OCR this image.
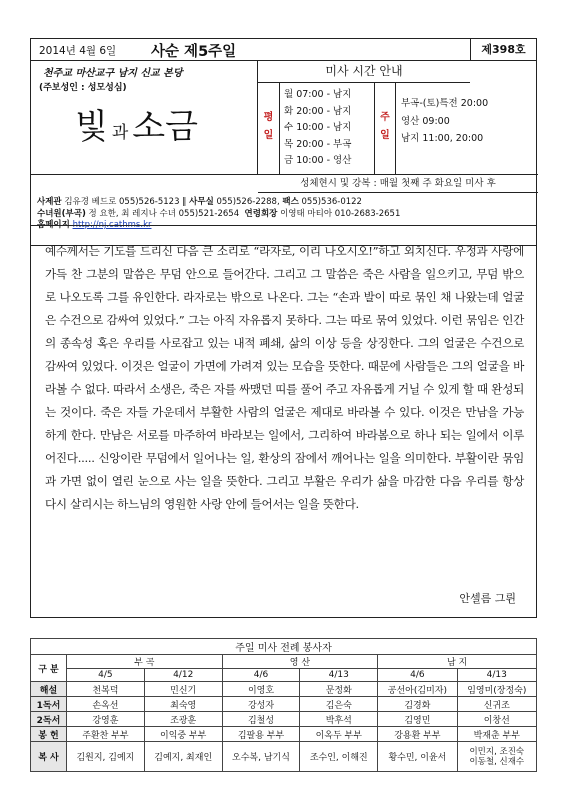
2014년 4월 6일 사순 제5주일	제398호
천주교 마산교구 남지 신교 본당
(주보성인 : 성모성심)
빛과 소금
미사 시간 안내
평
일
월 07:00 - 남지
화 20:00 - 남지
수 10:00 - 남지
목 20:00 - 부곡
금 10:00 - 영산
주
일
부곡-(토)특전 20:00
영산 09:00
남지 11:00, 20:00
성체현시 및 강복 : 매월 첫째 주 화요일 미사 후
사제관 김유경 베드로 055)526-5123 ‖ 사무실 055)526-2288, 팩스 055)536-0122
수녀원(부곡) 정 요한, 최 레지나 수녀 055)521-2654 연령회장 이영태 마티아 010-2683-2651
홈페이지 http://nj.cathms.kr

예수께서는 기도를 드리신 다음 큰 소리로 “라자로, 이리 나오시오!”하고 외치신다. 우정과 사랑에 가득 찬 그분의 말씀은 무덤 안으로 들어간다. 그리고 그 말씀은 죽은 사람을 일으키고, 무덤 밖으로 나오도록 그를 유인한다. 라자로는 밖으로 나온다. 그는 “손과 발이 따로 묶인 채 나왔는데 얼굴은 수건으로 감싸여 있었다.” 그는 아직 자유롭지 못하다. 그는 따로 묶여 있었다. 이런 묶임은 인간의 종속성 혹은 우리를 사로잡고 있는 내적 폐쇄, 삶의 이상 등을 상징한다. 그의 얼굴은 수건으로 감싸여 있었다. 이것은 얼굴이 가면에 가려져 있는 모습을 뜻한다. 때문에 사람들은 그의 얼굴을 바라볼 수 없다. 따라서 소생은, 죽은 자를 싸맸던 띠를 풀어 주고 자유롭게 거닐 수 있게 할 때 완성되는 것이다. 죽은 자들 가운데서 부활한 사람의 얼굴은 제대로 바라볼 수 있다. 이것은 만남을 가능하게 한다. 만남은 서로를 마주하여 바라보는 일에서, 그리하여 바라봄으로 하나 되는 일에서 이루어진다..... 신앙이란 무덤에서 일어나는 일, 환상의 잠에서 깨어나는 일을 의미한다. 부활이란 묶임과 가면 없이 열린 눈으로 사는 일을 뜻한다. 그리고 부활은 우리가 삶을 마감한 다음 우리를 항상 다시 살리시는 하느님의 영원한 사랑 안에 들어서는 일을 뜻한다.

안셀름 그륀
주일 미사 전례 봉사자						
구 분	부 곡		영 산		남 지	
	4/5	4/12	4/6	4/13	4/6	4/13
해설	천복덕	민신기	이영호	문정화	공선아(김미자)	임영미(장정숙)
1독서	손옥선	최숙영	강성자	김은숙	김경화	신귀조
2독서	강영훈	조광훈	김철성	박후석	김영민	이창선
봉 헌	주환찬 부부	이익중 부부	김팔용 부부	이옥두 부부	강용환 부부	박재춘 부부
복 사	김원지, 김예지	김예지, 최재인	오수복, 남기식	조수인, 이해진	황수민, 이윤서	이민지, 조진숙
이동철, 신재수
